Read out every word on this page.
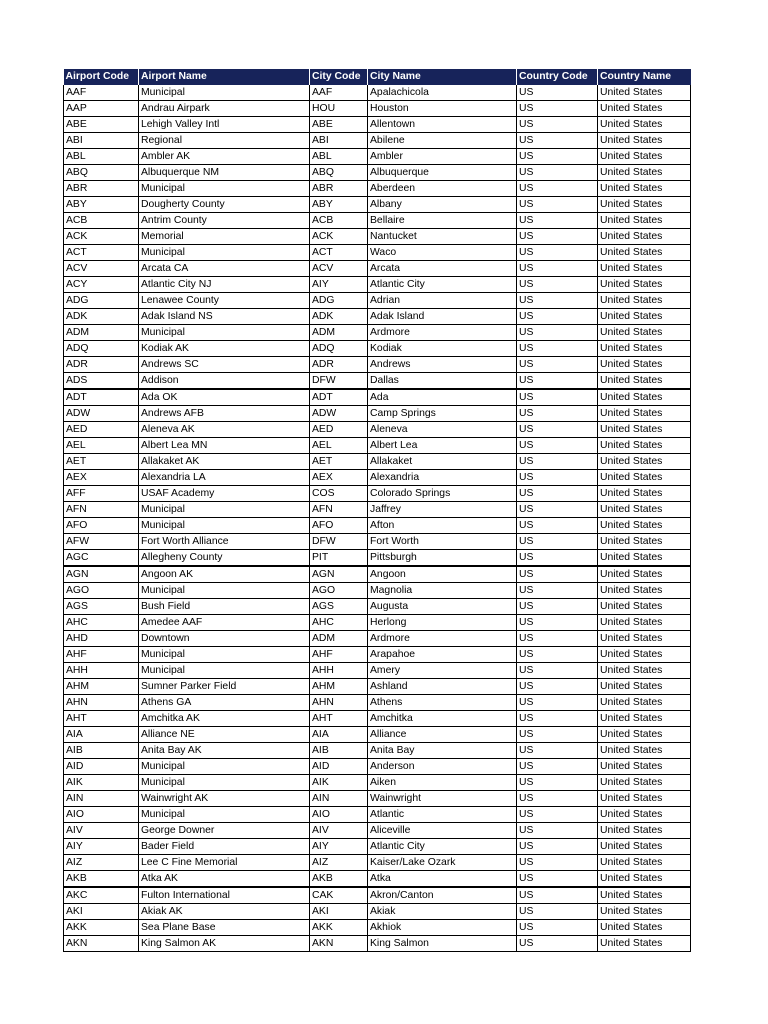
Airport Code	Airport Name	City Code	City Name	Country Code	Country Name
AAF	Municipal	AAF	Apalachicola	US	United States
AAP	Andrau Airpark	HOU	Houston	US	United States
ABE	Lehigh Valley Intl	ABE	Allentown	US	United States
ABI	Regional	ABI	Abilene	US	United States
ABL	Ambler AK	ABL	Ambler	US	United States
ABQ	Albuquerque NM	ABQ	Albuquerque	US	United States
ABR	Municipal	ABR	Aberdeen	US	United States
ABY	Dougherty County	ABY	Albany	US	United States
ACB	Antrim County	ACB	Bellaire	US	United States
ACK	Memorial	ACK	Nantucket	US	United States
ACT	Municipal	ACT	Waco	US	United States
ACV	Arcata CA	ACV	Arcata	US	United States
ACY	Atlantic City NJ	AIY	Atlantic City	US	United States
ADG	Lenawee County	ADG	Adrian	US	United States
ADK	Adak Island NS	ADK	Adak Island	US	United States
ADM	Municipal	ADM	Ardmore	US	United States
ADQ	Kodiak AK	ADQ	Kodiak	US	United States
ADR	Andrews SC	ADR	Andrews	US	United States
ADS	Addison	DFW	Dallas	US	United States
ADT	Ada OK	ADT	Ada	US	United States
ADW	Andrews AFB	ADW	Camp Springs	US	United States
AED	Aleneva AK	AED	Aleneva	US	United States
AEL	Albert Lea MN	AEL	Albert Lea	US	United States
AET	Allakaket AK	AET	Allakaket	US	United States
AEX	Alexandria LA	AEX	Alexandria	US	United States
AFF	USAF Academy	COS	Colorado Springs	US	United States
AFN	Municipal	AFN	Jaffrey	US	United States
AFO	Municipal	AFO	Afton	US	United States
AFW	Fort Worth Alliance	DFW	Fort Worth	US	United States
AGC	Allegheny County	PIT	Pittsburgh	US	United States
AGN	Angoon AK	AGN	Angoon	US	United States
AGO	Municipal	AGO	Magnolia	US	United States
AGS	Bush Field	AGS	Augusta	US	United States
AHC	Amedee AAF	AHC	Herlong	US	United States
AHD	Downtown	ADM	Ardmore	US	United States
AHF	Municipal	AHF	Arapahoe	US	United States
AHH	Municipal	AHH	Amery	US	United States
AHM	Sumner Parker Field	AHM	Ashland	US	United States
AHN	Athens GA	AHN	Athens	US	United States
AHT	Amchitka AK	AHT	Amchitka	US	United States
AIA	Alliance NE	AIA	Alliance	US	United States
AIB	Anita Bay AK	AIB	Anita Bay	US	United States
AID	Municipal	AID	Anderson	US	United States
AIK	Municipal	AIK	Aiken	US	United States
AIN	Wainwright AK	AIN	Wainwright	US	United States
AIO	Municipal	AIO	Atlantic	US	United States
AIV	George Downer	AIV	Aliceville	US	United States
AIY	Bader Field	AIY	Atlantic City	US	United States
AIZ	Lee C Fine Memorial	AIZ	Kaiser/Lake Ozark	US	United States
AKB	Atka AK	AKB	Atka	US	United States
AKC	Fulton International	CAK	Akron/Canton	US	United States
AKI	Akiak AK	AKI	Akiak	US	United States
AKK	Sea Plane Base	AKK	Akhiok	US	United States
AKN	King Salmon AK	AKN	King Salmon	US	United States
